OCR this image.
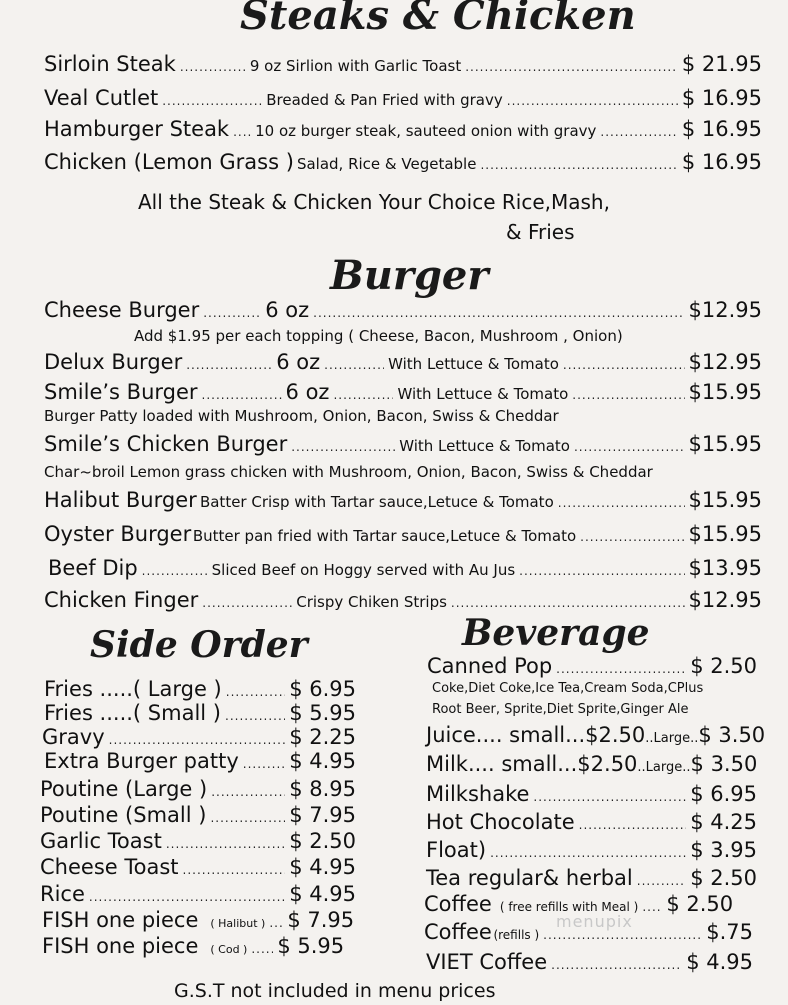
Steaks & Chicken
Sirloin Steak .....	9 oz Sirlion with Garlic Toast .....	$ 21.95
Veal Cutlet .....	Breaded & Pan Fried with gravy .....	$ 16.95
Hamburger Steak ..... 10 oz burger steak, sauteed onion with gravy .....	$ 16.95
Chicken (Lemon Grass ) Salad, Rice & Vegetable .....	$ 16.95
All the Steak & Chicken Your Choice Rice,Mash,
& Fries
Burger
Cheese Burger .....	6 oz .....	$12.95
Add $1.95 per each topping ( Cheese, Bacon, Mushroom , Onion)
Delux Burger .....	6 oz .....	With Lettuce & Tomato .....	$12.95
Smile’s Burger .....	6 oz .....	With Lettuce & Tomato .....	$15.95
Burger Patty loaded with Mushroom, Onion, Bacon, Swiss & Cheddar
Smile’s Chicken Burger .....	With Lettuce & Tomato .....	$15.95
Char~broil Lemon grass chicken with Mushroom, Onion, Bacon, Swiss & Cheddar
Halibut Burger Batter Crisp with Tartar sauce,Letuce & Tomato .....	$15.95
Oyster Burger Butter pan fried with Tartar sauce,Letuce & Tomato .....	$15.95
Beef Dip .....	Sliced Beef on Hoggy served with Au Jus .....	$13.95
Chicken Finger .....	Crispy Chiken Strips .....	$12.95
Side Order
Fries .....( Large ) .....	$ 6.95
Fries .....( Small ) .....	$ 5.95
Gravy .....	$ 2.25
Extra Burger patty ..... $ 4.95
Poutine (Large ) .....	$ 8.95
Poutine (Small ) .....	$ 7.95
Garlic Toast .....	$ 2.50
Cheese Toast .....	$ 4.95
Rice .....	$ 4.95
FISH one piece ( Halibut ) ..... $ 7.95
FISH one piece ( Cod ) ..... $ 5.95
Beverage
Canned Pop .....	$ 2.50
Coke,Diet Coke,Ice Tea,Cream Soda,CPlus
Root Beer, Sprite,Diet Sprite,Ginger Ale
Juice.... small... $2.50 ..Large.. $ 3.50
Milk.... small... $2.50 ..Large.. $ 3.50
Milkshake .....	$ 6.95
Hot Chocolate .....	$ 4.25
Float) .....	$ 3.95
Tea regular& herbal .....	$ 2.50
Coffee ( free refills with Meal ) ..... $ 2.50
Coffee (refills ) .....	$.75
VIET Coffee .....	$ 4.95
menupix
G.S.T not included in menu prices
